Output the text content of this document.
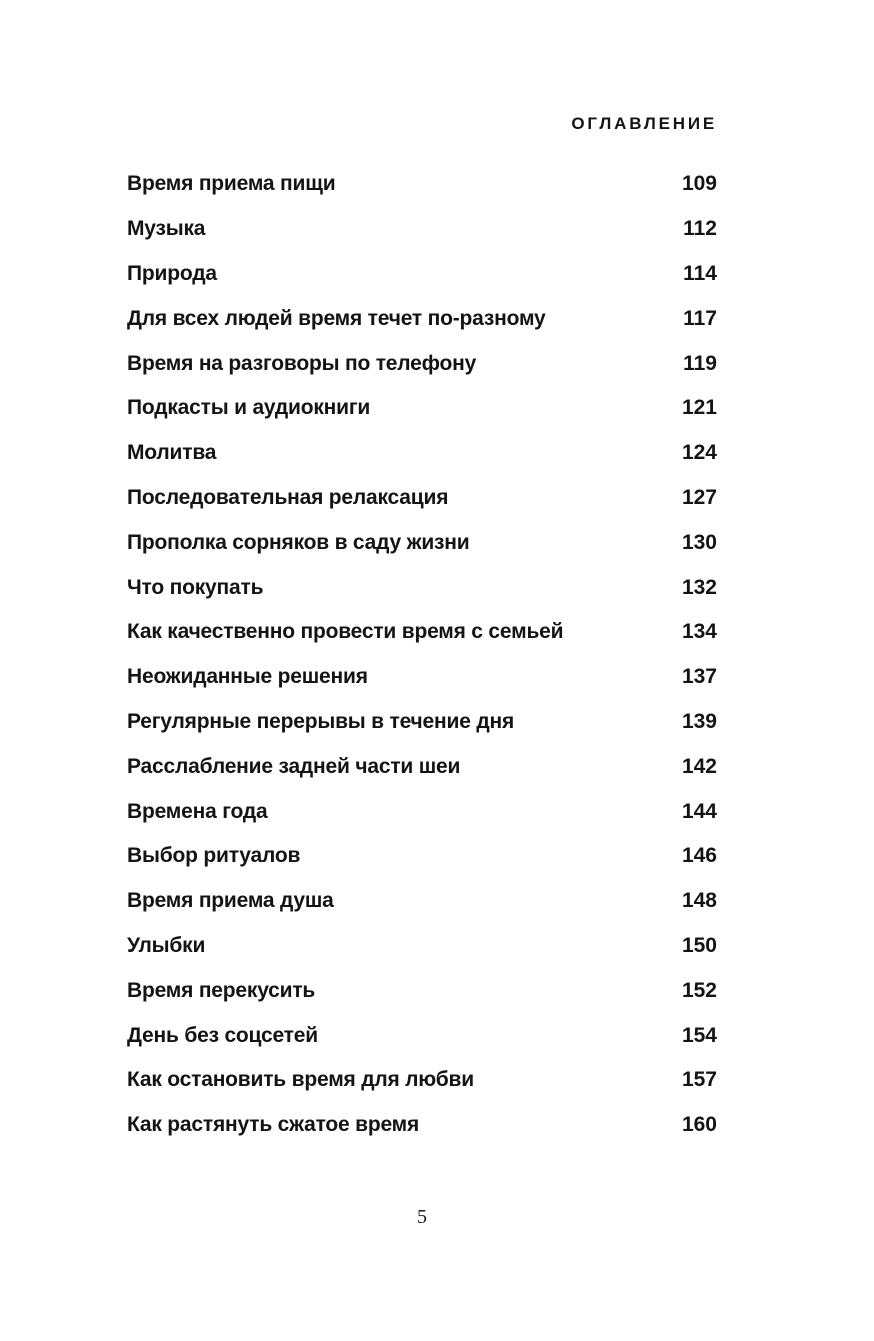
ОГЛАВЛЕНИЕ
Время приема пищи	109
Музыка	112
Природа	114
Для всех людей время течет по-разному	117
Время на разговоры по телефону	119
Подкасты и аудиокниги	121
Молитва	124
Последовательная релаксация	127
Прополка сорняков в саду жизни	130
Что покупать	132
Как качественно провести время с семьей	134
Неожиданные решения	137
Регулярные перерывы в течение дня	139
Расслабление задней части шеи	142
Времена года	144
Выбор ритуалов	146
Время приема душа	148
Улыбки	150
Время перекусить	152
День без соцсетей	154
Как остановить время для любви	157
Как растянуть сжатое время	160
5
